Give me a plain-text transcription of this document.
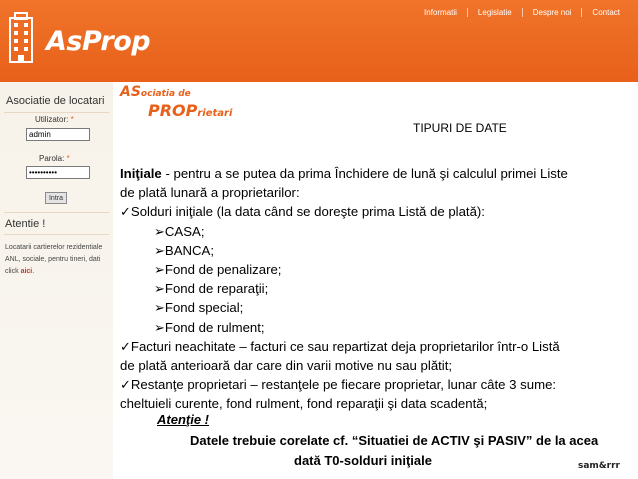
AsProp
Informatii	Legislatie	Despre noi	Contact
Asociatie de locatari
Utilizator: *
admin
Parola: *
••••••••••
Intra
Atentie !
Locatarii cartierelor rezidentiale ANL, sociale, pentru tineri, dati click aici.
ASociatia de
PROPrietari
TIPURI DE DATE
Iniţiale - pentru a se putea da prima Închidere de lună şi calculul primei Liste
de plată lunară a proprietarilor:
✓Solduri iniţiale (la data când se doreşte prima Listă de plată):
➢CASA;
➢BANCA;
➢Fond de penalizare;
➢Fond de reparaţii;
➢Fond special;
➢Fond de rulment;
✓Facturi neachitate – facturi ce sau repartizat deja proprietarilor într-o Listă
de plată anterioară dar care din varii motive nu sau plătit;
✓Restanţe proprietari – restanţele pe fiecare proprietar, lunar câte 3 sume:
cheltuieli curente, fond rulment, fond reparaţii şi data scadentă;
Atenţie !
Datele trebuie corelate cf. “Situatiei de ACTIV şi PASIV” de la acea
dată T0-solduri iniţiale	sam&rrr
